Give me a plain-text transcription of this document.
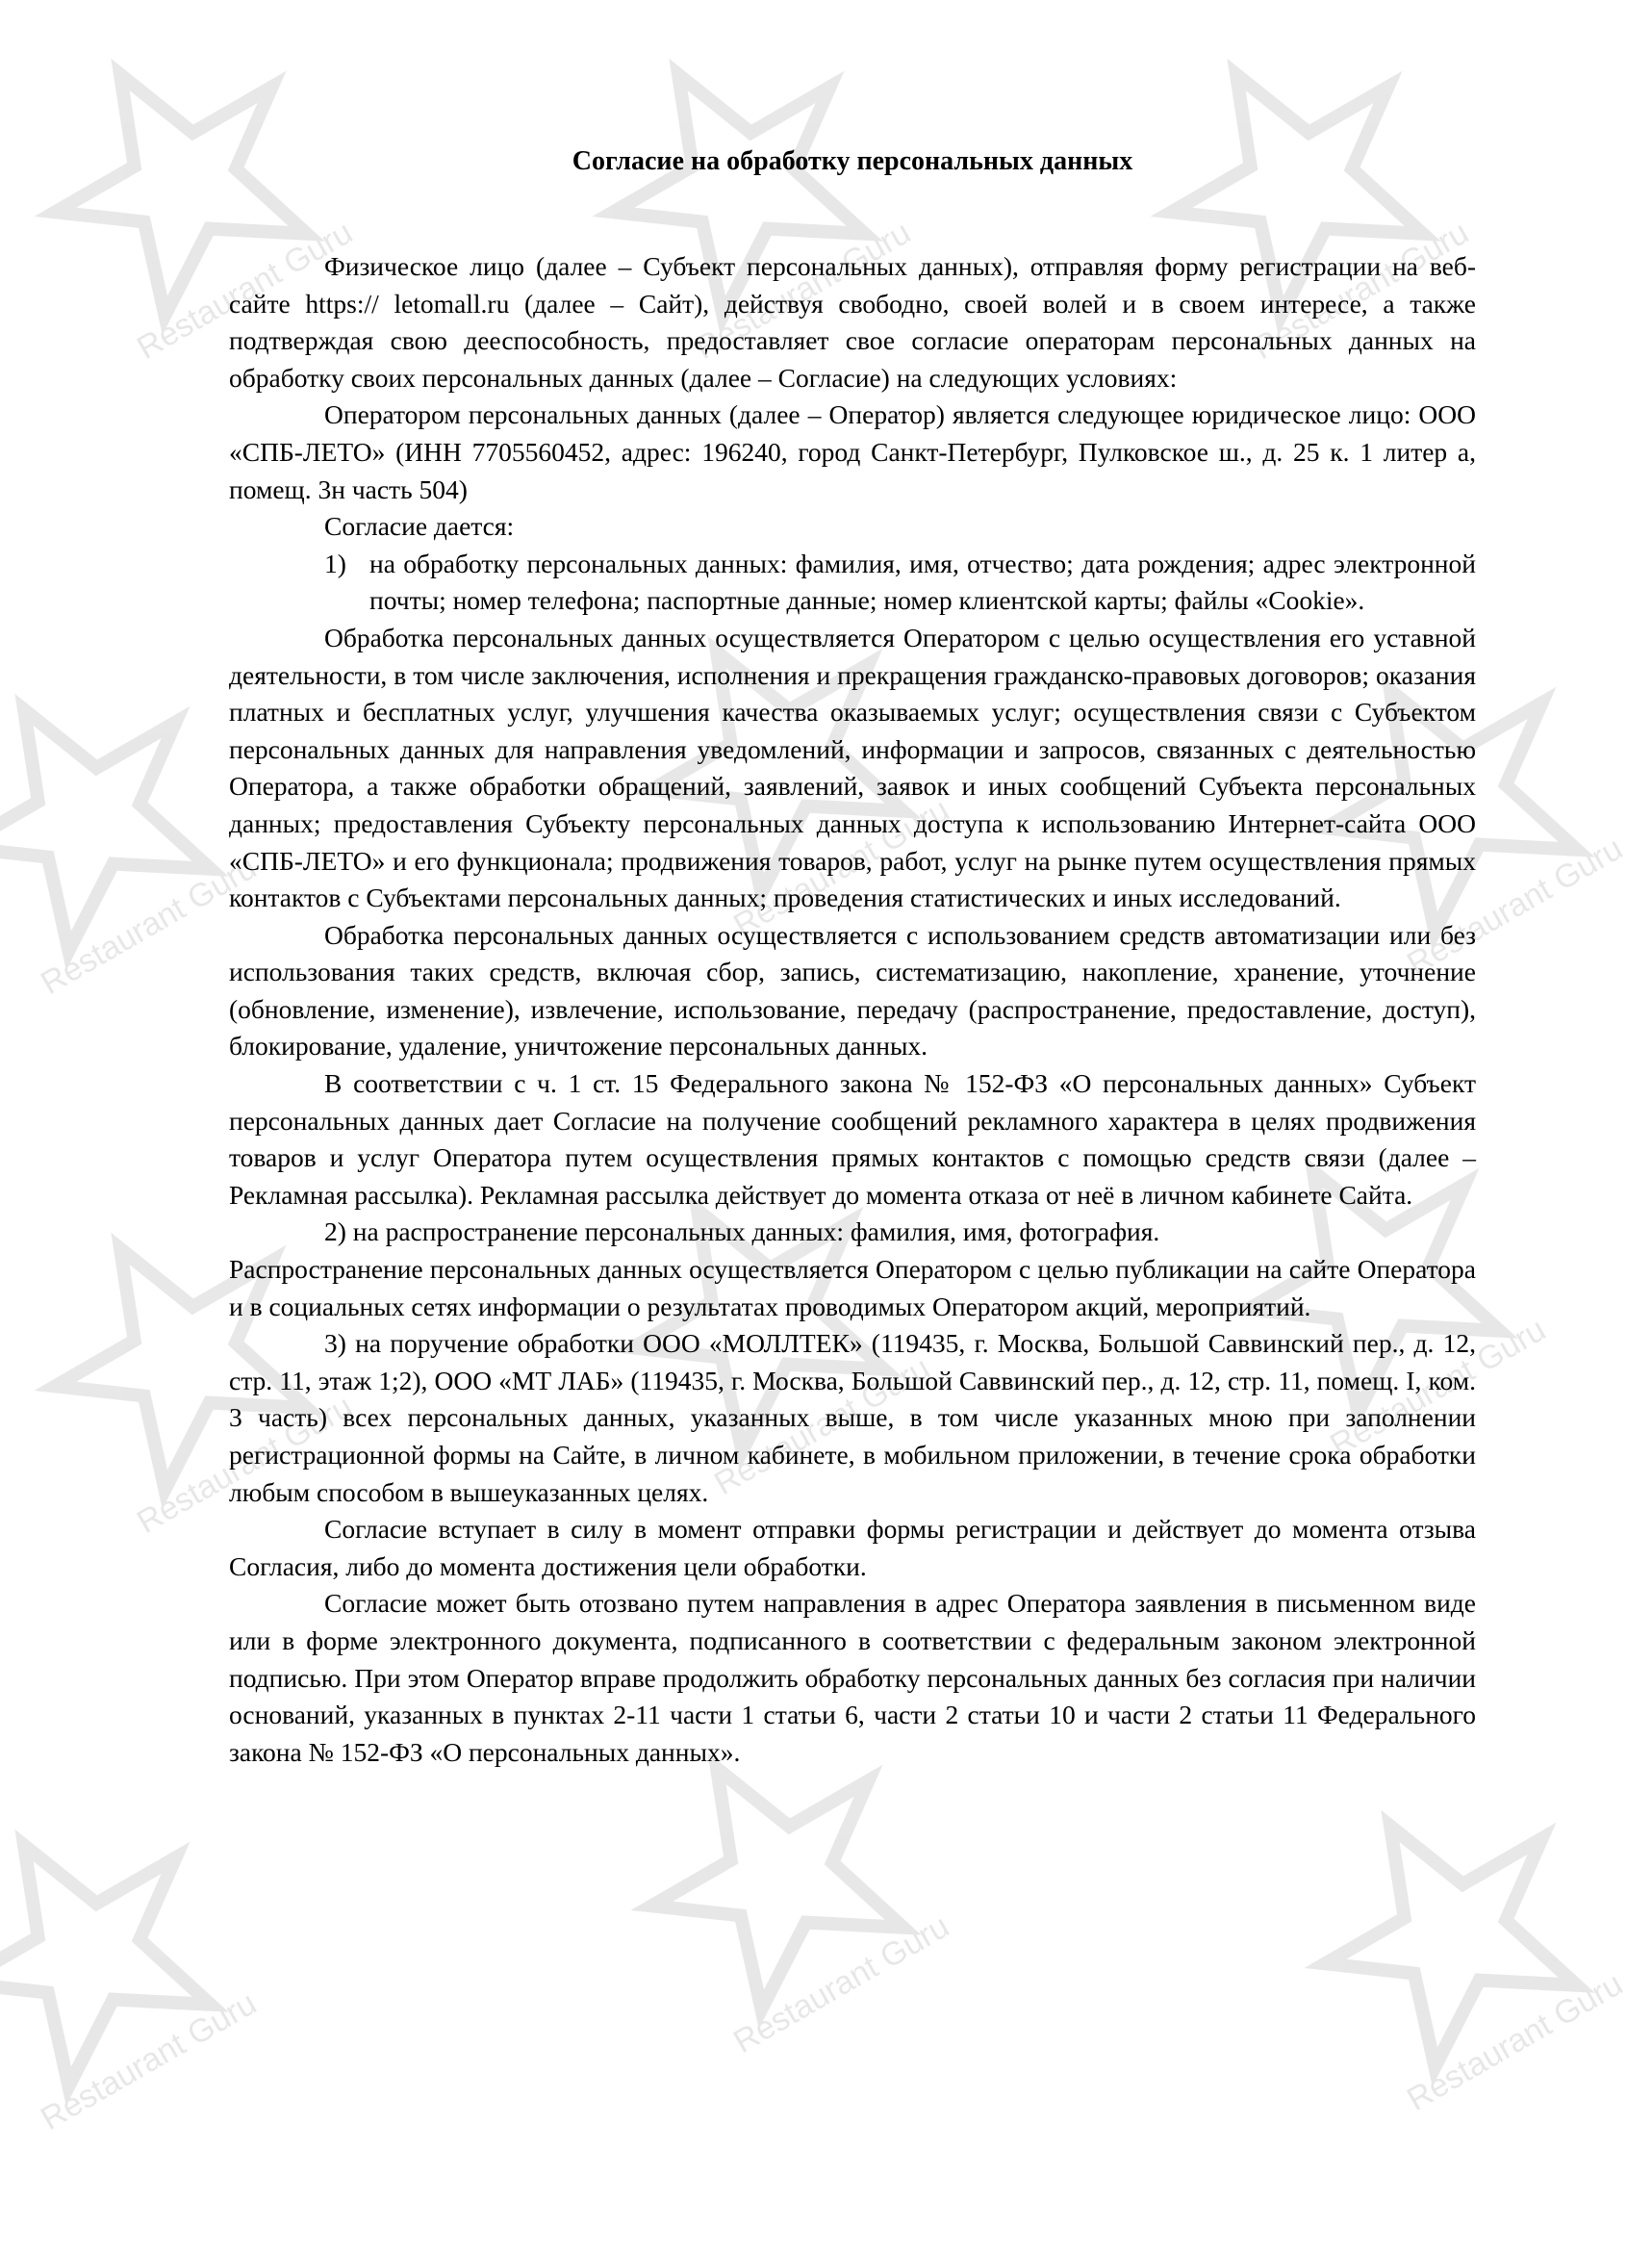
Restaurant Guru	Restaurant Guru	Restaurant Guru
Restaurant Guru	Restaurant Guru	Restaurant Guru
Restaurant Guru	Restaurant Guru	Restaurant Guru
Restaurant Guru
Restaurant Guru	Restaurant Guru
Согласие на обработку персональных данных

Физическое лицо (далее – Субъект персональных данных), отправляя форму регистрации на веб-сайте https:// letomall.ru (далее – Сайт), действуя свободно, своей волей и в своем интересе, а также подтверждая свою дееспособность, предоставляет свое согласие операторам персональных данных на обработку своих персональных данных (далее – Согласие) на следующих условиях:

Оператором персональных данных (далее – Оператор) является следующее юридическое лицо: ООО «СПБ-ЛЕТО» (ИНН 7705560452, адрес: 196240, город Санкт-Петербург, Пулковское ш., д. 25 к. 1 литер а, помещ. 3н часть 504)

Согласие дается:

1) на обработку персональных данных: фамилия, имя, отчество; дата рождения; адрес электронной почты; номер телефона; паспортные данные; номер клиентской карты; файлы «Cookie».

Обработка персональных данных осуществляется Оператором с целью осуществления его уставной деятельности, в том числе заключения, исполнения и прекращения гражданско-правовых договоров; оказания платных и бесплатных услуг, улучшения качества оказываемых услуг; осуществления связи с Субъектом персональных данных для направления уведомлений, информации и запросов, связанных с деятельностью Оператора, а также обработки обращений, заявлений, заявок и иных сообщений Субъекта персональных данных; предоставления Субъекту персональных данных доступа к использованию Интернет-сайта ООО «СПБ-ЛЕТО» и его функционала; продвижения товаров, работ, услуг на рынке путем осуществления прямых контактов с Субъектами персональных данных; проведения статистических и иных исследований.

Обработка персональных данных осуществляется с использованием средств автоматизации или без использования таких средств, включая сбор, запись, систематизацию, накопление, хранение, уточнение (обновление, изменение), извлечение, использование, передачу (распространение, предоставление, доступ), блокирование, удаление, уничтожение персональных данных.

В соответствии с ч. 1 ст. 15 Федерального закона № 152-ФЗ «О персональных данных» Субъект персональных данных дает Согласие на получение сообщений рекламного характера в целях продвижения товаров и услуг Оператора путем осуществления прямых контактов с помощью средств связи (далее – Рекламная рассылка). Рекламная рассылка действует до момента отказа от неё в личном кабинете Сайта.

2) на распространение персональных данных: фамилия, имя, фотография.

Распространение персональных данных осуществляется Оператором с целью публикации на сайте Оператора и в социальных сетях информации о результатах проводимых Оператором акций, мероприятий.

3) на поручение обработки ООО «МОЛЛТЕК» (119435, г. Москва, Большой Саввинский пер., д. 12, стр. 11, этаж 1;2), ООО «МТ ЛАБ» (119435, г. Москва, Большой Саввинский пер., д. 12, стр. 11, помещ. I, ком. 3 часть) всех персональных данных, указанных выше, в том числе указанных мною при заполнении регистрационной формы на Сайте, в личном кабинете, в мобильном приложении, в течение срока обработки любым способом в вышеуказанных целях.

Согласие вступает в силу в момент отправки формы регистрации и действует до момента отзыва Согласия, либо до момента достижения цели обработки.

Согласие может быть отозвано путем направления в адрес Оператора заявления в письменном виде или в форме электронного документа, подписанного в соответствии с федеральным законом электронной подписью. При этом Оператор вправе продолжить обработку персональных данных без согласия при наличии оснований, указанных в пунктах 2-11 части 1 статьи 6, части 2 статьи 10 и части 2 статьи 11 Федерального закона № 152-ФЗ «О персональных данных».
